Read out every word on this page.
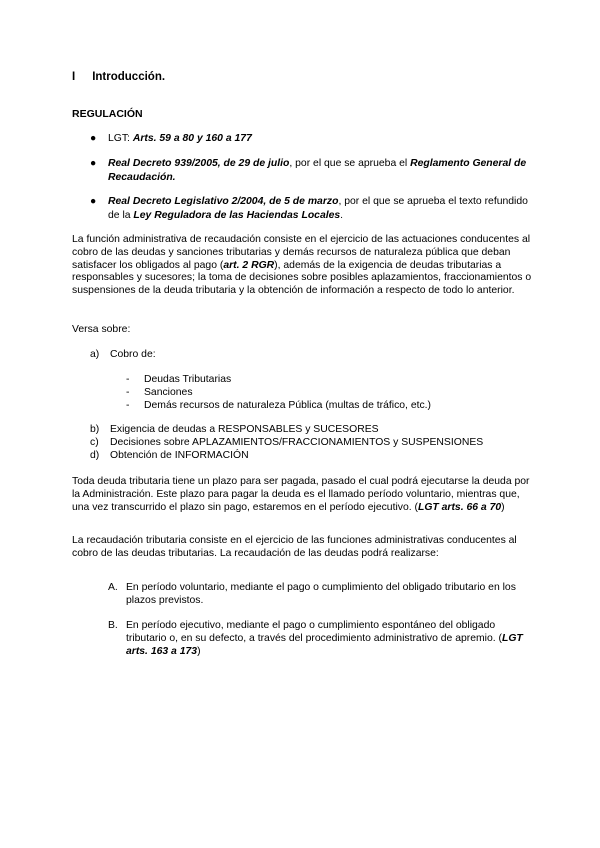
I Introducción.
REGULACIÓN
● LGT: Arts. 59 a 80 y 160 a 177
● Real Decreto 939/2005, de 29 de julio, por el que se aprueba el Reglamento General de Recaudación.
● Real Decreto Legislativo 2/2004, de 5 de marzo, por el que se aprueba el texto refundido de la Ley Reguladora de las Haciendas Locales.
La función administrativa de recaudación consiste en el ejercicio de las actuaciones conducentes al cobro de las deudas y sanciones tributarias y demás recursos de naturaleza pública que deban satisfacer los obligados al pago (art. 2 RGR), además de la exigencia de deudas tributarias a responsables y sucesores; la toma de decisiones sobre posibles aplazamientos, fraccionamientos o suspensiones de la deuda tributaria y la obtención de información a respecto de todo lo anterior.
Versa sobre:
a) Cobro de:
- Deudas Tributarias
- Sanciones
- Demás recursos de naturaleza Pública (multas de tráfico, etc.)
b) Exigencia de deudas a RESPONSABLES y SUCESORES
c) Decisiones sobre APLAZAMIENTOS/FRACCIONAMIENTOS y SUSPENSIONES
d) Obtención de INFORMACIÓN
Toda deuda tributaria tiene un plazo para ser pagada, pasado el cual podrá ejecutarse la deuda por la Administración. Este plazo para pagar la deuda es el llamado período voluntario, mientras que, una vez transcurrido el plazo sin pago, estaremos en el período ejecutivo. (LGT arts. 66 a 70)
La recaudación tributaria consiste en el ejercicio de las funciones administrativas conducentes al cobro de las deudas tributarias. La recaudación de las deudas podrá realizarse:
A. En período voluntario, mediante el pago o cumplimiento del obligado tributario en los plazos previstos.
B. En período ejecutivo, mediante el pago o cumplimiento espontáneo del obligado tributario o, en su defecto, a través del procedimiento administrativo de apremio. (LGT arts. 163 a 173)
